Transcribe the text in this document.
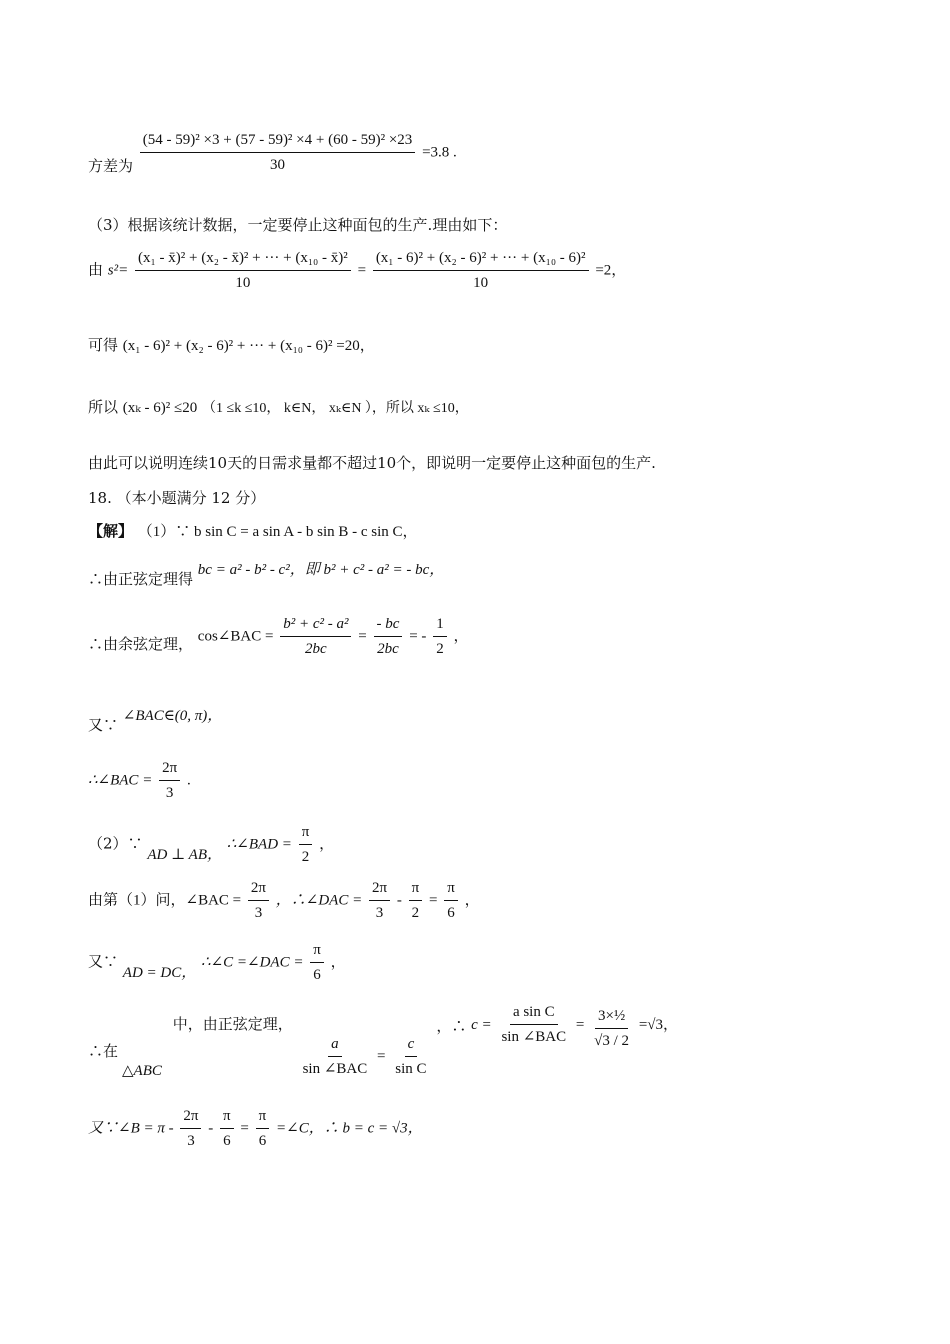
方差为 $\frac{\text{(54 - 59)² ×3 + (57 - 59)² ×4 + (60 - 59)² ×23}}{30} =3.8$ .
（3）根据该统计数据，一定要停止这种面包的生产.理由如下：
由 $s^2= \frac{\text{(x₁ - x̄)² + (x₂ - x̄)² + ··· + (x₁₀ - x̄)²}}{10} = \frac{\text{(x₁ - 6)² + (x₂ - 6)² + ··· + (x₁₀ - 6)²}}{10} =2$，
可得 (x₁ - 6)² + (x₂ - 6)² + ··· + (x₁₀ - 6)² =20，
所以 (xₖ - 6)² ≤20 （1 ≤k ≤10， k∈N， xₖ∈N ），所以 xₖ ≤10，
由此可以说明连续10天的日需求量都不超过10个，即说明一定要停止这种面包的生产.
18. （本小题满分 12 分）
【解】 （1）∵ b sin C = a sin A - b sin B - c sin C，
∴由正弦定理得 bc = a² - b² - c²，即 b² + c² - a² = - bc，
∴由余弦定理， cos∠BAC = $\frac{\text{b² + c² - a²}}{2bc} = \frac{- bc}{2bc}$ = - $\frac{1}{2}$ ，
又∵ ∠BAC∈(0, π)，
∴∠BAC = $\frac{2\pi}{3}$ .
（2）∵ AD ⊥ AB， ∴∠BAD = $\frac{\pi}{2}$ ，
由第（1）问，∠BAC = $\frac{2\pi}{3}$ ，∴∠DAC = $\frac{2\pi}{3} - \frac{\pi}{2} = \frac{\pi}{6}$ ，
又∵ AD = DC， ∴∠C =∠DAC = $\frac{\pi}{6}$ ，
∴在
△ABC
中，由正弦定理，
$\frac{a}{\text{sin ∠BAC}} = \frac{c}{\text{sin C}}$
，∴ $c = \frac{\text{a sin C}}{\text{sin ∠BAC}} = \frac{\text{3×½}}{√3 / 2} =√3$，
又∵∠B = $\pi - \frac{2\pi}{3} - \frac{\pi}{6} = \frac{\pi}{6}$ =∠C，∴ b = c = √3，
